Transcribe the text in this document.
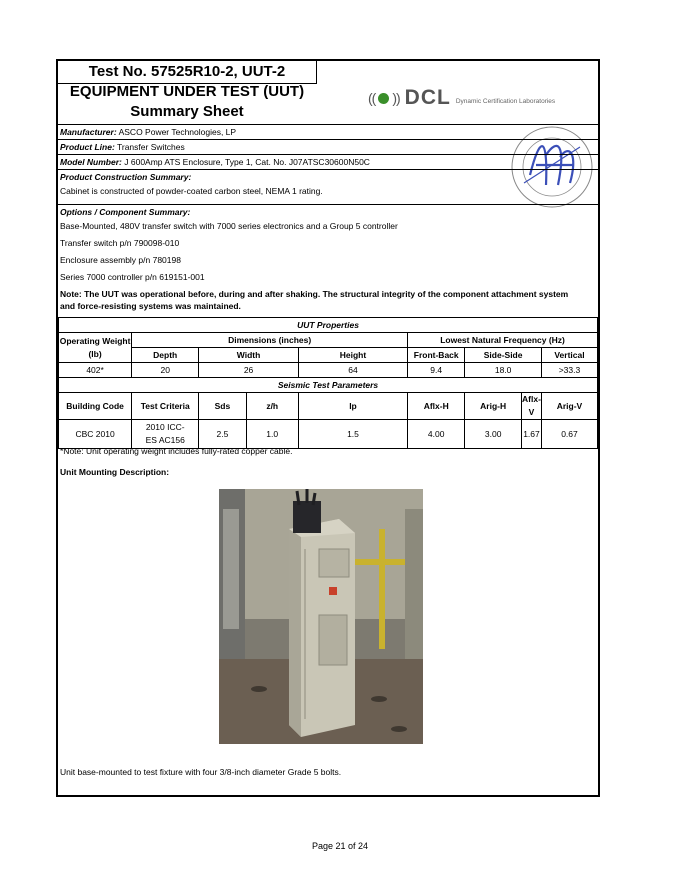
Test No. 57525R10-2, UUT-2
EQUIPMENT UNDER TEST (UUT)
Summary Sheet
(( )) DCL Dynamic Certification Laboratories
Manufacturer: ASCO Power Technologies, LP
Product Line: Transfer Switches
Model Number: J 600Amp ATS Enclosure, Type 1, Cat. No. J07ATSC30600N50C
Product Construction Summary:
Cabinet is constructed of powder-coated carbon steel, NEMA 1 rating.
Options / Component Summary:
Base-Mounted, 480V transfer switch with 7000 series electronics and a Group 5 controller
Transfer switch p/n 790098-010
Enclosure assembly p/n 780198
Series 7000 controller p/n 619151-001
Note: The UUT was operational before, during and after shaking. The structural integrity of the component attachment system and force-resisting systems was maintained.
UUT Properties								
Operating Weight (lb)	Dimensions (inches)				Lowest Natural Frequency (Hz)			
	Depth	Width		Height	Front-Back	Side-Side		Vertical
402*	20	26		64	9.4	18.0		>33.3
Seismic Test Parameters								
Building Code	Test Criteria	Sds	z/h	Ip	Aflx-H	Arig-H	Aflx-V	Arig-V
CBC 2010	2010 ICC-ES AC156	2.5	1.0	1.5	4.00	3.00	1.67	0.67
*Note: Unit operating weight includes fully-rated copper cable.
Unit Mounting Description:
Unit base-mounted to test fixture with four 3/8-inch diameter Grade 5 bolts.
Page 21 of 24
